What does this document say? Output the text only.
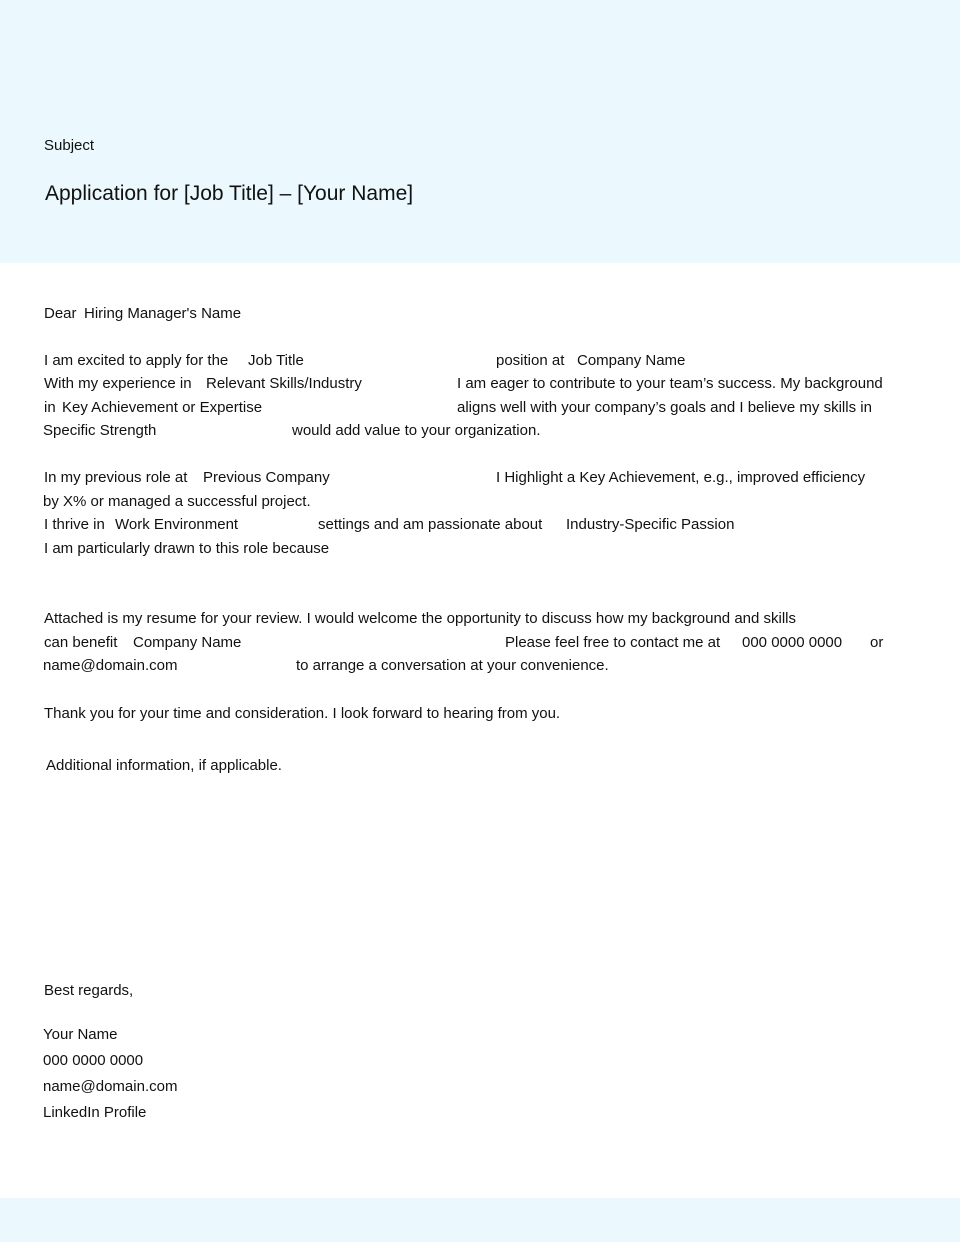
Subject
Application for [Job Title] – [Your Name]
Dear Hiring Manager's Name
I am excited to apply for the Job Title	position at Company Name
With my experience in Relevant Skills/Industry	I am eager to contribute to your team’s success. My background
in Key Achievement or Expertise	aligns well with your company’s goals and I believe my skills in
Specific Strength	would add value to your organization.
In my previous role at Previous Company	I Highlight a Key Achievement, e.g., improved efficiency
by X% or managed a successful project.
I thrive in Work Environment	settings and am passionate about Industry-Specific Passion
I am particularly drawn to this role because
Attached is my resume for your review. I would welcome the opportunity to discuss how my background and skills
can benefit Company Name	Please feel free to contact me at 000 0000 0000 or
name@domain.com	to arrange a conversation at your convenience.
Thank you for your time and consideration. I look forward to hearing from you.
Additional information, if applicable.
Best regards,
Your Name
000 0000 0000
name@domain.com
LinkedIn Profile
